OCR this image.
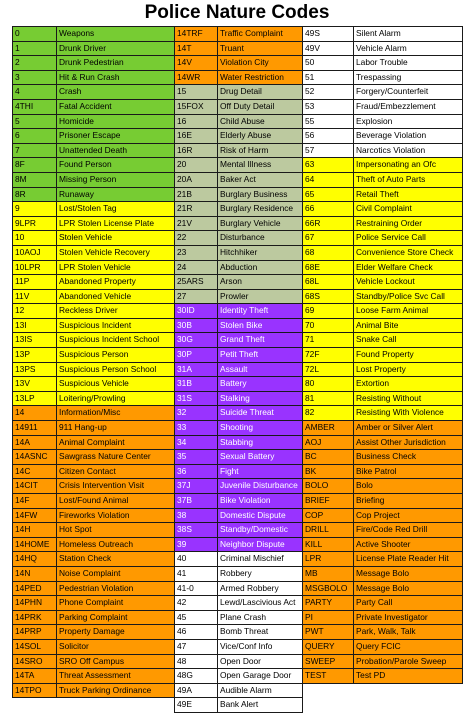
Police Nature Codes
0	Weapons
1	Drunk Driver
2	Drunk Pedestrian
3	Hit & Run Crash
4	Crash
4THI	Fatal Accident
5	Homicide
6	Prisoner Escape
7	Unattended Death
8F	Found Person
8M	Missing Person
8R	Runaway
9	Lost/Stolen Tag
9LPR	LPR Stolen License Plate
10	Stolen Vehicle
10AOJ	Stolen Vehicle Recovery
10LPR	LPR Stolen Vehicle
11P	Abandoned Property
11V	Abandoned Vehicle
12	Reckless Driver
13I	Suspicious Incident
13IS	Suspicious Incident School
13P	Suspicious Person
13PS	Suspicious Person School
13V	Suspicious Vehicle
13LP	Loitering/Prowling
14	Information/Misc
14911	911 Hang-up
14A	Animal Complaint
14ASNC	Sawgrass Nature Center
14C	Citizen Contact
14CIT	Crisis Intervention Visit
14F	Lost/Found Animal
14FW	Fireworks Violation
14H	Hot Spot
14HOME	Homeless Outreach
14HQ	Station Check
14N	Noise Complaint
14PED	Pedestrian Violation
14PHN	Phone Complaint
14PRK	Parking Complaint
14PRP	Property Damage
14SOL	Solicitor
14SRO	SRO Off Campus
14TA	Threat Assessment
14TPO	Truck Parking Ordinance
14TRF	Traffic Complaint
14T	Truant
14V	Violation City
14WR	Water Restriction
15	Drug Detail
15FOX	Off Duty Detail
16	Child Abuse
16E	Elderly Abuse
16R	Risk of Harm
20	Mental Illness
20A	Baker Act
21B	Burglary Business
21R	Burglary Residence
21V	Burglary Vehicle
22	Disturbance
23	Hitchhiker
24	Abduction
25ARS	Arson
27	Prowler
30ID	Identity Theft
30B	Stolen Bike
30G	Grand Theft
30P	Petit Theft
31A	Assault
31B	Battery
31S	Stalking
32	Suicide Threat
33	Shooting
34	Stabbing
35	Sexual Battery
36	Fight
37J	Juvenile Disturbance
37B	Bike Violation
38	Domestic Dispute
38S	Standby/Domestic
39	Neighbor Dispute
40	Criminal Mischief
41	Robbery
41-0	Armed Robbery
42	Lewd/Lascivious Act
45	Plane Crash
46	Bomb Threat
47	Vice/Conf Info
48	Open Door
48G	Open Garage Door
49A	Audible Alarm
49E	Bank Alert
49S	Silent Alarm
49V	Vehicle Alarm
50	Labor Trouble
51	Trespassing
52	Forgery/Counterfeit
53	Fraud/Embezzlement
55	Explosion
56	Beverage Violation
57	Narcotics Violation
63	Impersonating an Ofc
64	Theft of Auto Parts
65	Retail Theft
66	Civil Complaint
66R	Restraining Order
67	Police Service Call
68	Convenience Store Check
68E	Elder Welfare Check
68L	Vehicle Lockout
68S	Standby/Police Svc Call
69	Loose Farm Animal
70	Animal Bite
71	Snake Call
72F	Found Property
72L	Lost Property
80	Extortion
81	Resisting Without
82	Resisting With Violence
AMBER	Amber or Silver Alert
AOJ	Assist Other Jurisdiction
BC	Business Check
BK	Bike Patrol
BOLO	Bolo
BRIEF	Briefing
COP	Cop Project
DRILL	Fire/Code Red Drill
KILL	Active Shooter
LPR	License Plate Reader Hit
MB	Message Bolo
MSGBOLO	Message Bolo
PARTY	Party Call
PI	Private Investigator
PWT	Park, Walk, Talk
QUERY	Query FCIC
SWEEP	Probation/Parole Sweep
TEST	Test PD
